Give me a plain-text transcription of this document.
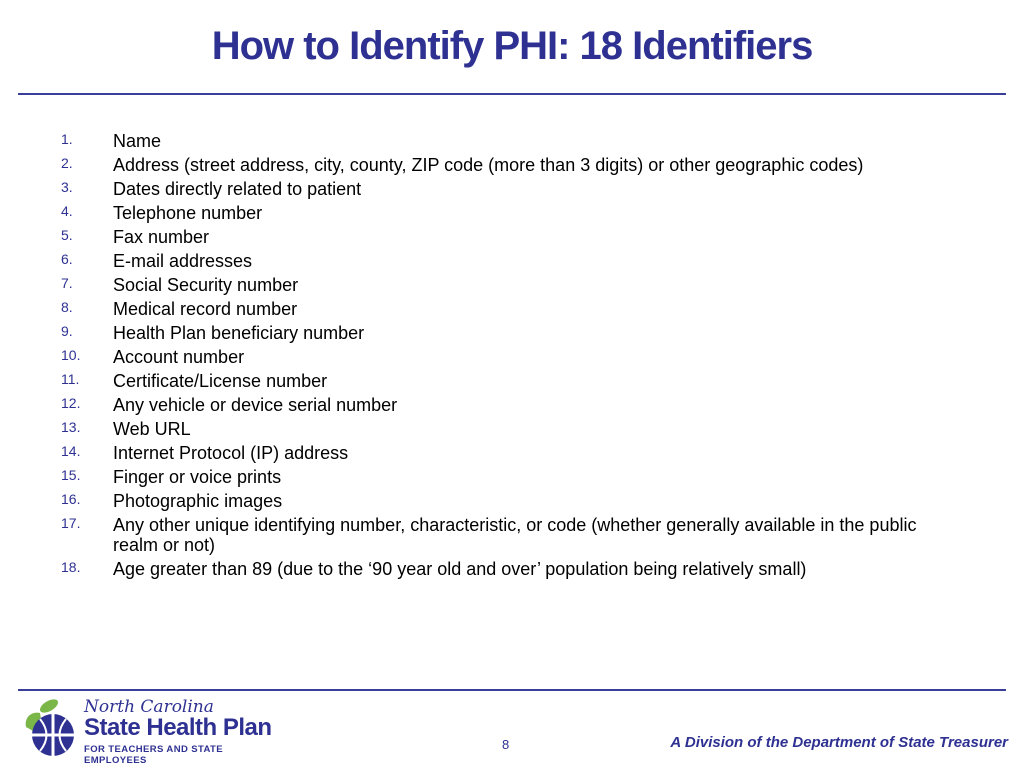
How to Identify PHI: 18 Identifiers
1. Name
2. Address (street address, city, county, ZIP code (more than 3 digits) or other geographic codes)
3. Dates directly related to patient
4. Telephone number
5. Fax number
6. E-mail addresses
7. Social Security number
8. Medical record number
9. Health Plan beneficiary number
10. Account number
11. Certificate/License number
12. Any vehicle or device serial number
13. Web URL
14. Internet Protocol (IP) address
15. Finger or voice prints
16. Photographic images
17. Any other unique identifying number, characteristic, or code (whether generally available in the public realm or not)
18. Age greater than 89 (due to the ‘90 year old and over’ population being relatively small)
North Carolina
State Health Plan
FOR TEACHERS AND STATE EMPLOYEES
8	A Division of the Department of State Treasurer
